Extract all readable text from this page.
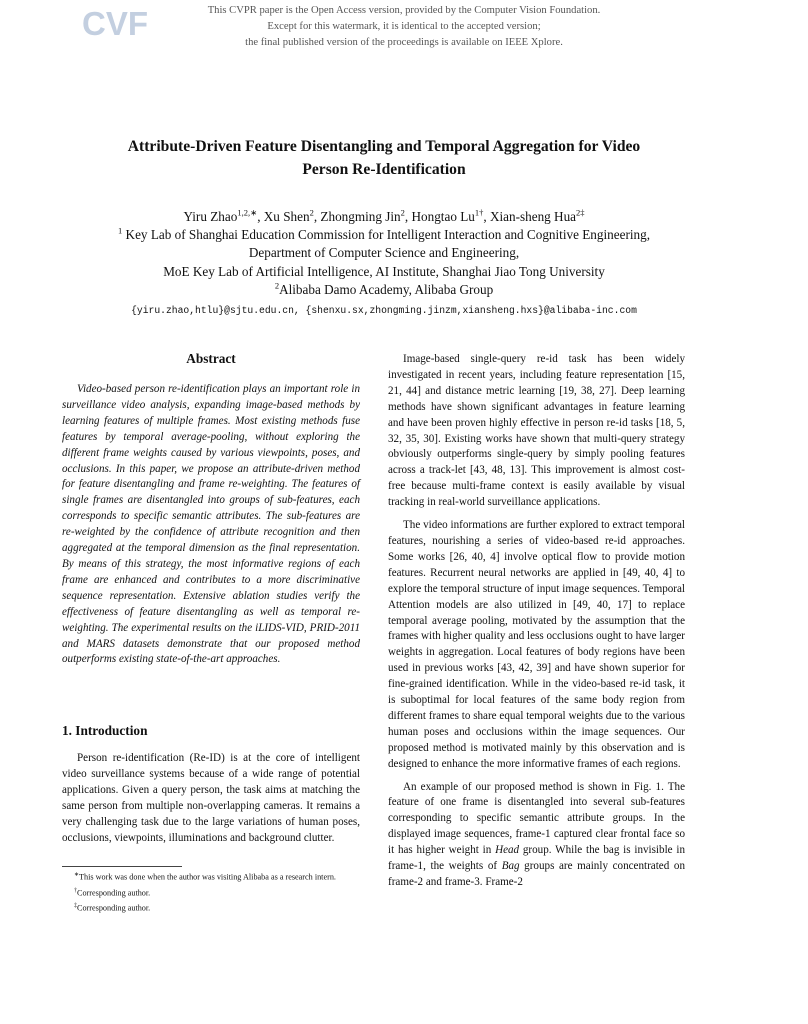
CVF	This CVPR paper is the Open Access version, provided by the Computer Vision Foundation.
Except for this watermark, it is identical to the accepted version;
the final published version of the proceedings is available on IEEE Xplore.
Attribute-Driven Feature Disentangling and Temporal Aggregation for Video
Person Re-Identification
Yiru Zhao$^{1,2,∗}$, Xu Shen$^2$, Zhongming Jin$^2$, Hongtao $Lu^{1\dagger}$, Xian-sheng Hua$^{2\ddagger}$
$^1$ Key Lab of Shanghai Education Commission for Intelligent Interaction and Cognitive Engineering,
Department of Computer Science and Engineering,
MoE Key Lab of Artificial Intelligence, AI Institute, Shanghai Jiao Tong University
$^2$Alibaba Damo Academy, Alibaba Group
{yiru.zhao,htlu}@sjtu.edu.cn, {shenxu.sx,zhongming.jinzm,xiansheng.hxs}@alibaba-inc.com
Abstract

Video-based person re-identification plays an important role in surveillance video analysis, expanding image-based methods by learning features of multiple frames. Most existing methods fuse features by temporal average-pooling, without exploring the different frame weights caused by various viewpoints, poses, and occlusions. In this paper, we propose an attribute-driven method for feature disentangling and frame re-weighting. The features of single frames are disentangled into groups of sub-features, each corresponds to specific semantic attributes. The sub-features are re-weighted by the confidence of attribute recognition and then aggregated at the temporal dimension as the final representation. By means of this strategy, the most informative regions of each frame are enhanced and contributes to a more discriminative sequence representation. Extensive ablation studies verify the effectiveness of feature disentangling as well as temporal re-weighting. The experimental results on the iLIDS-VID, PRID-2011 and MARS datasets demonstrate that our proposed method outperforms existing state-of-the-art approaches.

1. Introduction

Person re-identification (Re-ID) is at the core of intelligent video surveillance systems because of a wide range of potential applications. Given a query person, the task aims at matching the same person from multiple non-overlapping cameras. It remains a very challenging task due to the large variations of human poses, occlusions, viewpoints, illuminations and background clutter.

∗This work was done when the author was visiting Alibaba as a research intern.
†Corresponding author.
‡Corresponding author.

Image-based single-query re-id task has been widely investigated in recent years, including feature representation [15, 21, 44] and distance metric learning [19, 38, 27]. Deep learning methods have shown significant advantages in feature learning and have been proven highly effective in person re-id tasks [18, 5, 32, 35, 30]. Existing works have shown that multi-query strategy obviously outperforms single-query by simply pooling features across a track-let [43, 48, 13]. This improvement is almost cost-free because multi-frame context is easily available by visual tracking in real-world surveillance applications.

The video informations are further explored to extract temporal features, nourishing a series of video-based re-id approaches. Some works [26, 40, 4] involve optical flow to provide motion features. Recurrent neural networks are applied in [49, 40, 4] to explore the temporal structure of input image sequences. Temporal Attention models are also utilized in [49, 40, 17] to replace temporal average pooling, motivated by the assumption that the frames with higher quality and less occlusions ought to have larger weights in aggregation. Local features of body regions have been used in previous works [43, 42, 39] and have shown superior for fine-grained identification. While in the video-based re-id task, it is suboptimal for local features of the same body region from different frames to share equal temporal weights due to the various human poses and occlusions within the image sequences. Our proposed method is motivated mainly by this observation and is designed to enhance the more informative frames of each regions.

An example of our proposed method is shown in Fig. 1. The feature of one frame is disentangled into several sub-features corresponding to specific semantic attribute groups. In the displayed image sequences, frame-1 captured clear frontal face so it has higher weight in Head group. While the bag is invisible in frame-1, the weights of Bag groups are mainly concentrated on frame-2 and frame-3. Frame-2
